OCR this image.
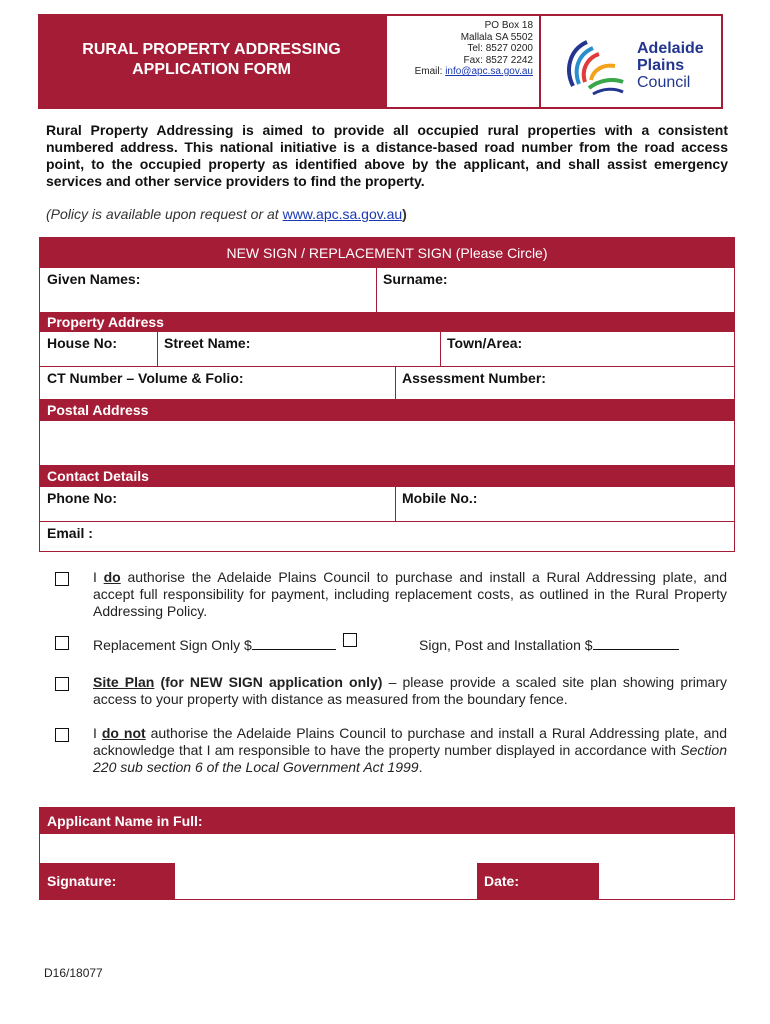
RURAL PROPERTY ADDRESSING
APPLICATION FORM
PO Box 18
Mallala SA 5502
Tel: 8527 0200
Fax: 8527 2242
Email: info@apc.sa.gov.au
Adelaide
Plains
Council
Rural Property Addressing is aimed to provide all occupied rural properties with a consistent numbered address. This national initiative is a distance-based road number from the road access point, to the occupied property as identified above by the applicant, and shall assist emergency services and other service providers to find the property.
(Policy is available upon request or at www.apc.sa.gov.au)
NEW SIGN / REPLACEMENT SIGN (Please Circle)
Given Names:	Surname:
Property Address
House No:	Street Name:	Town/Area:
CT Number – Volume & Folio:	Assessment Number:
Postal Address
Contact Details
Phone No:	Mobile No.:
Email :
I do authorise the Adelaide Plains Council to purchase and install a Rural Addressing plate, and accept full responsibility for payment, including replacement costs, as outlined in the Rural Property Addressing Policy.
Replacement Sign Only $	Sign, Post and Installation $
Site Plan (for NEW SIGN application only) – please provide a scaled site plan showing primary access to your property with distance as measured from the boundary fence.
I do not authorise the Adelaide Plains Council to purchase and install a Rural Addressing plate, and acknowledge that I am responsible to have the property number displayed in accordance with Section 220 sub section 6 of the Local Government Act 1999.
Applicant Name in Full:
Signature:	Date:
D16/18077
